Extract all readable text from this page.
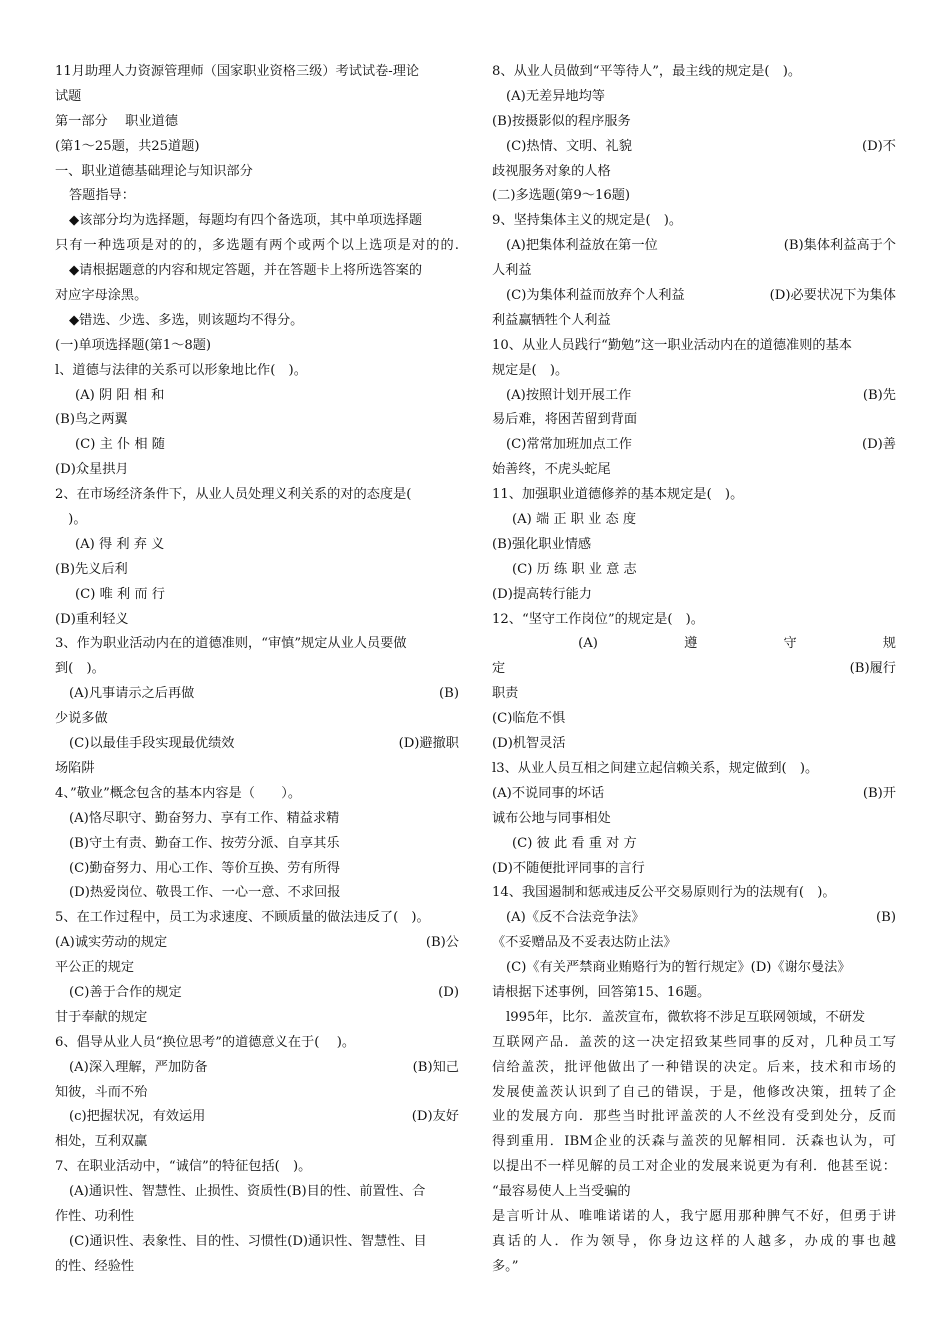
11月助理人力资源管理师（国家职业资格三级）考试试卷-理论
试题
第一部分　 职业道德
(第1～25题，共25道题)
一、职业道德基础理论与知识部分
答题指导：
◆该部分均为选择题，每题均有四个备选项，其中单项选择题
只有一种选项是对的的，多选题有两个或两个以上选项是对的的.
◆请根据题意的内容和规定答题，并在答题卡上将所选答案的
对应字母涂黑。
◆错选、少选、多选，则该题均不得分。
(一)单项选择题(第1～8题)
l、道德与法律的关系可以形象地比作(　)。
(A) 阴 阳 相 和
(B)鸟之两翼
(C) 主 仆 相 随
(D)众星拱月
2、在市场经济条件下，从业人员处理义利关系的对的态度是(
　)。
(A) 得 利 弃 义
(B)先义后利
(C) 唯 利 而 行
(D)重利轻义
3、作为职业活动内在的道德准则，“审慎”规定从业人员要做
到(　)。
(A)凡事请示之后再做	(B)
少说多做
(C)以最佳手段实现最优绩效	(D)避撤职
场陷阱
4、”敬业”概念包含的基本内容是（　　）。
(A)恪尽职守、勤奋努力、享有工作、精益求精
(B)守土有责、勤奋工作、按劳分派、自享其乐
(C)勤奋努力、用心工作、等价互换、劳有所得
(D)热爱岗位、敬畏工作、一心一意、不求回报
5、在工作过程中，员工为求速度、不顾质量的做法违反了(　)。
(A)诚实劳动的规定	(B)公
平公正的规定
(C)善于合作的规定	(D)
甘于奉献的规定
6、倡导从业人员“换位思考”的道德意义在于(　 )。
(A)深入理解，严加防备	(B)知己
知彼，斗而不殆
(c)把握状况，有效运用	(D)友好
相处，互利双赢
7、在职业活动中，“诚信”的特征包括(　)。
(A)通识性、智慧性、止损性、资质性(B)目的性、前置性、合
作性、功利性
(C)通识性、表象性、目的性、习惯性(D)通识性、智慧性、目
的性、经验性
8、从业人员做到“平等待人”，最主线的规定是(　)。
(A)无差异地均等
(B)按摄影似的程序服务
(C)热情、文明、礼貌	(D)不
歧视服务对象的人格
(二)多选题(第9～16题)
9、坚持集体主义的规定是(　)。
(A)把集体利益放在第一位	(B)集体利益高于个
人利益
(C)为集体利益而放弃个人利益	(D)必要状况下为集体
利益赢牺牲个人利益
10、从业人员践行“勤勉”这一职业活动内在的道德准则的基本
规定是(　)。
(A)按照计划开展工作	(B)先
易后难，将困苦留到背面
(C)常常加班加点工作	(D)善
始善终，不虎头蛇尾
11、加强职业道德修养的基本规定是(　)。
(A) 端 正 职 业 态 度
(B)强化职业情感
(C) 历 练 职 业 意 志
(D)提高转行能力
12、“坚守工作岗位”的规定是(　)。
(A)	遵	守	规
定	(B)履行
职责
(C)临危不惧
(D)机智灵活
l3、从业人员互相之间建立起信赖关系，规定做到(　)。
(A)不说同事的坏话	(B)开
诚布公地与同事相处
(C) 彼 此 看 重 对 方
(D)不随便批评同事的言行
14、我国遏制和惩戒违反公平交易原则行为的法规有(　)。
(A)《反不合法竞争法》	(B)
《不妥赠品及不妥表达防止法》
(C)《有关严禁商业贿赂行为的暂行规定》(D)《谢尔曼法》
请根据下述事例，回答第15、16题。
l995年，比尔．盖茨宣布，微软将不涉足互联网领域，不研发
互联网产品．盖茨的这一决定招致某些同事的反对，几种员工写
信给盖茨，批评他做出了一种错误的决定。后来，技术和市场的
发展使盖茨认识到了自己的错误，于是，他修改决策，扭转了企
业的发展方向．那些当时批评盖茨的人不丝没有受到处分，反而
得到重用．IBM企业的沃森与盖茨的见解相同．沃森也认为，可
以提出不一样见解的员工对企业的发展来说更为有利．他甚至说：
“最容易使人上当受骗的
是言听计从、唯唯诺诺的人，我宁愿用那种脾气不好，但勇于讲
真话的人．作为领导，你身边这样的人越多，办成的事也越
多。”
